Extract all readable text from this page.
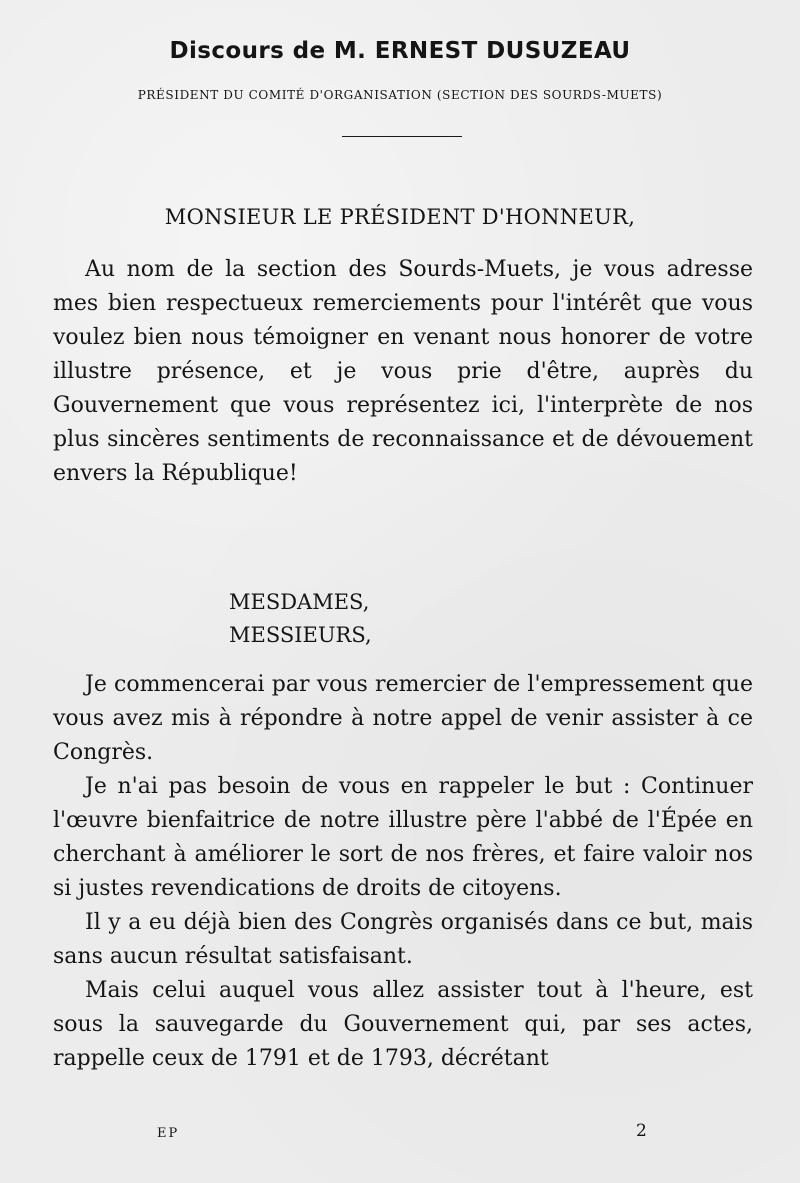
Discours de M. ERNEST DUSUZEAU
PRÉSIDENT DU COMITÉ D'ORGANISATION (SECTION DES SOURDS-MUETS)
MONSIEUR LE PRÉSIDENT D'HONNEUR,

Au nom de la section des Sourds-Muets, je vous adresse mes bien respectueux remerciements pour l'intérêt que vous voulez bien nous témoigner en venant nous honorer de votre illustre présence, et je vous prie d'être, auprès du Gouvernement que vous représentez ici, l'interprète de nos plus sincères sentiments de reconnaissance et de dévouement envers la République!

MESDAMES,
MESSIEURS,

Je commencerai par vous remercier de l'empressement que vous avez mis à répondre à notre appel de venir assister à ce Congrès.

Je n'ai pas besoin de vous en rappeler le but : Continuer l'œuvre bienfaitrice de notre illustre père l'abbé de l'Épée en cherchant à améliorer le sort de nos frères, et faire valoir nos si justes revendications de droits de citoyens.

Il y a eu déjà bien des Congrès organisés dans ce but, mais sans aucun résultat satisfaisant.

Mais celui auquel vous allez assister tout à l'heure, est sous la sauvegarde du Gouvernement qui, par ses actes, rappelle ceux de 1791 et de 1793, décrétant

EP	2
